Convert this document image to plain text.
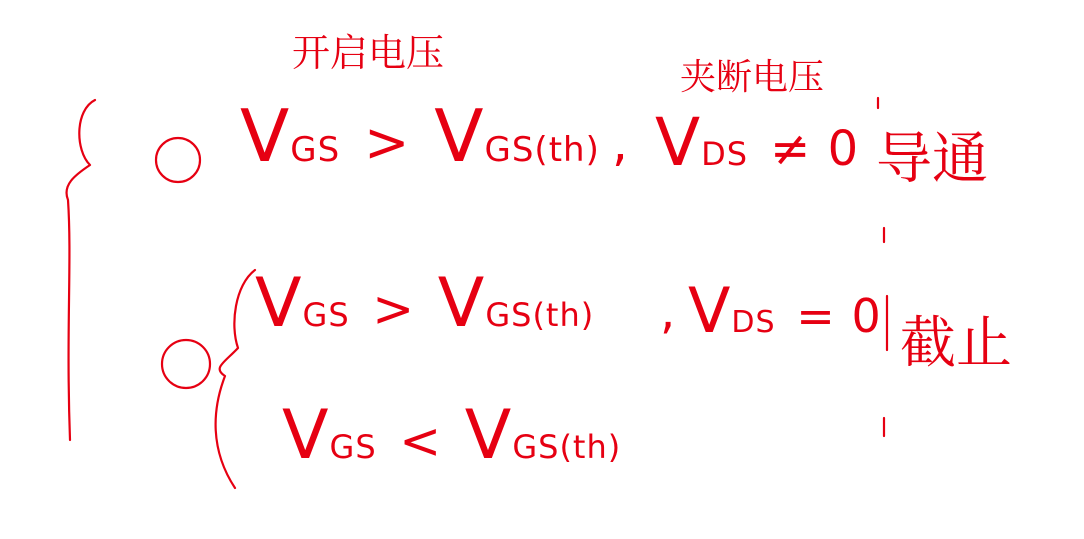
开启电压
夹断电压
VGS > VGS(th) , VDS ≠ 0 导通
VGS > VGS(th) , VDS = 0 截止
VGS < VGS(th)
